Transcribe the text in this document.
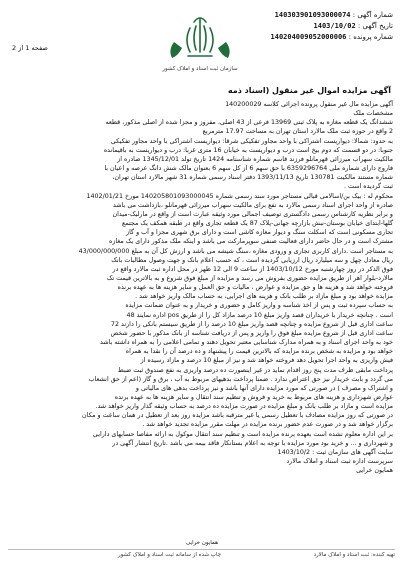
شماره آگهی : 140303901093000074
تاریخ آگهی : 1403/10/02
شماره پرونده : 140204009052000006
سازمان ثبت اسناد و املاک کشور
صفحه 1 از 2
آگهی مزایده اموال غیر منقول (اسناد ذمه

آگهی مزایده مال غیر منقول پرونده اجرائی کلاسه 140200029

مشخصات ملک

ششدانگ یک قطعه مغازه به پلاک ثبتی 13969 فرعی از 43 اصلی، مفروز و مجزا شده از اصلی مذکور، قطعه

2 واقع در حوزه ثبت ملک مالارد استان تهران به مساحت 17.97 مترمربع

به حدود: شمالا: دیواریست اشتراکی با واحد مجاور تفکیکی شرقا: دیواریست اشتراکی با واحد مجاور تفکیکی

جنوبا: در دو قسمت که دوم بیخ است درب و دیواریست به خیابان 16 متری غربا: درب و دیواریست به باقیمانده

مالکیت سهراب میرزائی قهرمانلو فرزند قاسم شماره شناسنامه 1424 تاریخ تولد 1345/12/01 صادره از

فاروج دارای شماره ملی 6359296764 با حق سهم 6 از کل سهم 6 بعنوان مالک شش دانگ عرصه و اعیان با

شماره مستند مالکیت 130781 تاریخ 1393/11/13 دفتر اسناد رسمی شماره 31 شهر مالارد استان تهران،

ثبت گردیده است .

محکوم له : بیک بن/اسالامی قبالی مستاجر مورد سند رسمی شماره 140205801093000045 مورخ 1402/01/21

صادره از واحد اجرای اسناد رسمی مالارد به نفع برای مالکیت سهراب میرزائی قهرمانلو ،بازداشت می باشد

و برابر نظریه کارشناس رسمی دادگستری توصیف اجمالی مورد وثیقه عبارت است از واقع در مارلیک-میدان

گلها-ابتدای خیابان بوستان-نبش بازارچه جهانی-پلاک 87 یک قطعه تجاری واقع در طبقه همکف یک مجتمع

تجاری مسکونی است که اسکلت سنگ و دیوار مغازه کاشی است و دارای برق شهری مجزا و آب و گاز

مشترک است و در حال حاضر دارای فعالیت صنفی سوپرمارکت می باشد و اینکه ملک مذکور دارای یک مغازه

به مستاجر است .دارای کاربری تجاری و ورودی مغازه ،سنگ شیشه می باشد و ارزش کل آن به مبلغ 43/000/000/000

ریال معادل چهل و سه میلیارد ریال ارزیابی گردیده است ، که حسب اعلام بانک و جهت وصول مطالبات بانک

فوق الذکر در روز چهارشنبه مورخ 1403/10/12 از ساعت 9 الی 12 ظهر در محل اداره ثبت مالارد واقع در

مالارد-بلوار اهر از طریق مزایده حضوری بفروش می رسد و مزایده از مبلغ فوق شروع و به بالاترین قیمت تک

فروخته خواهد شد و هزینه ها و حق مزایده و عوارض ، مالیات و حق العمل و سایر هزینه ها به عهده برنده

مزایده خواهد بود و مبلغ مازاد بر طلب بانک و هزینه های اجرایی، به حساب مالک واریز خواهد شد .

به حساب سپرده ثبت و پس از اخذ شناسه و واریز کامل و حضوری و خریدار و به عنوان ضمانت مزایده

است . چنانچه خریدار با خریداران قصد واریز مبلغ 10 درصد مازاد کل را از طریق pos اداره نمایند 48

ساعت اداری قبل از شروع مزایده و چنانچه قصد واریز مبلغ 10 درصد را از طریق سیستم بانکی را دارند 72

ساعت اداری قبل از شروع مزایده مبلغ فوق را واریز و پس از دریافت شناسه از بانک مذکور با حضور شخص

خود به واحد اجرای اسناد و به همراه مدارک شناسایی معتبر تحویل دهند و تمامی اعلامی را به همراه داشته باشد

خواهد بود و مزایده به شخص برنده مزایده که بالاترین قیمت را پیشنهاد و ده درصد آن را نقدا به همراه

فیش واریزی به واحد اجرا تحویل دهد فروخته خواهد شد و نیز از مبلغ 10 درصد و مازاد رسیده از

پرداخت مابقی ظرف مدت پنج روز اقدام نماید در غیر اینصورت ده درصد واریزی به نفع صندوق ثبت ضبط

می گردد و بابت خریدار نیز حق اعتراض ندارد . ضمنا پرداخت بدهیهای مربوط به آب ، برق و گاز (اعم از حق انشعاب

و اشتراک و مصرف ) در صورتی که مورد مزایده دارای آنها باشد و نیز پرداخت بدهی های مالیاتی و

عوارض شهرداری و هزینه های مربوط به خرید و فروش و تنظیم سند انتقال و سایر هزینه ها به عهده برنده

مزایده است و مازاد بر طلب بانک و مبلغ مزایده در صورت مزایده ده درصد به حساب وثیقه گذار واریز خواهد شد.

در صورتی که روز مزایده مصادف با تعطیل رسمی یا غیر مترقبه باشد مزایده روز بعد از تعطیل در همان ساعت و مکان

برگزار خواهد شد و در صورت عدم حضور برنده مزایده در مهلت مقرر مزایده تجدید خواهد شد .

بر این اداره معلوم نشده است بعهده برنده مزایده است و تنظیم سند انتقال موکول به ارائه مفاصا حسابهای دارایی

و شهرداری و ... و خرید بود مورد مزایده با توجه به اعلام بستانکار فاقد بیمه می باشد .تاریخ انتشار آگهی در

سایت آگهی های سازمان ثبت : 1403/10/2

سرپرست اداره ثبت اسناد و املاک مالارد

همایون خرایی

همایون خرایی
تهیه کننده: ثبت اسناد و املاک مالارد
چاپ شده از سامانه ثبت اسناد و املاک کشور
